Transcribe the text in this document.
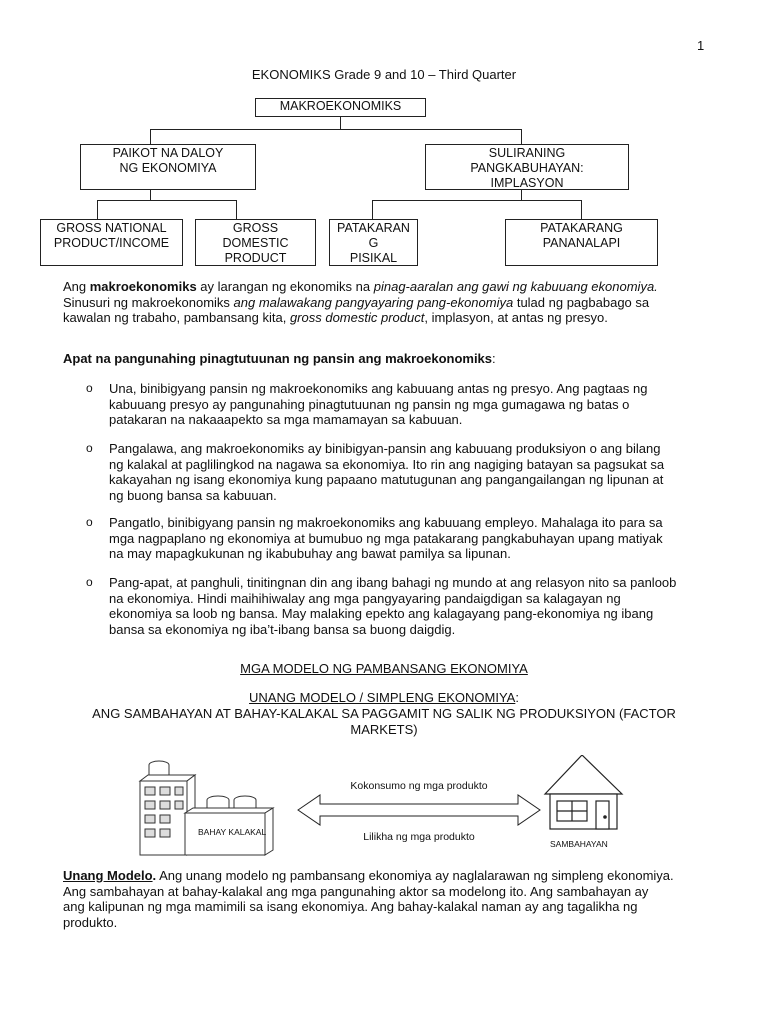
1
EKONOMIKS Grade 9 and 10 – Third Quarter
MAKROEKONOMIKS
PAIKOT NA DALOY
NG EKONOMIYA
SULIRANING
PANGKABUHAYAN:
IMPLASYON
GROSS NATIONAL
PRODUCT/INCOME
GROSS
DOMESTIC
PRODUCT
PATAKARAN
G
PISIKAL
PATAKARANG
PANANALAPI
Ang makroekonomiks ay larangan ng ekonomiks na pinag-aaralan ang gawi ng kabuuang ekonomiya.
Sinusuri ng makroekonomiks ang malawakang pangyayaring pang-ekonomiya tulad ng pagbabago sa
kawalan ng trabaho, pambansang kita, gross domestic product, implasyon, at antas ng presyo.
Apat na pangunahing pinagtutuunan ng pansin ang makroekonomiks:
o Una, binibigyang pansin ng makroekonomiks ang kabuuang antas ng presyo. Ang pagtaas ng
kabuuang presyo ay pangunahing pinagtutuunan ng pansin ng mga gumagawa ng batas o
patakaran na nakaaapekto sa mga mamamayan sa kabuuan.
o Pangalawa, ang makroekonomiks ay binibigyan-pansin ang kabuuang produksiyon o ang bilang
ng kalakal at paglilingkod na nagawa sa ekonomiya. Ito rin ang nagiging batayan sa pagsukat sa
kakayahan ng isang ekonomiya kung papaano matutugunan ang pangangailangan ng lipunan at
ng buong bansa sa kabuuan.
o Pangatlo, binibigyang pansin ng makroekonomiks ang kabuuang empleyo. Mahalaga ito para sa
mga nagpaplano ng ekonomiya at bumubuo ng mga patakarang pangkabuhayan upang matiyak
na may mapagkukunan ng ikabubuhay ang bawat pamilya sa lipunan.
o Pang-apat, at panghuli, tinitingnan din ang ibang bahagi ng mundo at ang relasyon nito sa panloob
na ekonomiya. Hindi maihihiwalay ang mga pangyayaring pandaigdigan sa kalagayan ng
ekonomiya sa loob ng bansa. May malaking epekto ang kalagayang pang-ekonomiya ng ibang
bansa sa ekonomiya ng iba’t-ibang bansa sa buong daigdig.
MGA MODELO NG PAMBANSANG EKONOMIYA
UNANG MODELO / SIMPLENG EKONOMIYA:
ANG SAMBAHAYAN AT BAHAY-KALAKAL SA PAGGAMIT NG SALIK NG PRODUKSIYON (FACTOR
MARKETS)
BAHAY KALAKAL
Kokonsumo ng mga produkto
Lilikha ng mga produkto
SAMBAHAYAN
Unang Modelo. Ang unang modelo ng pambansang ekonomiya ay naglalarawan ng simpleng ekonomiya.
Ang sambahayan at bahay-kalakal ang mga pangunahing aktor sa modelong ito. Ang sambahayan ay
ang kalipunan ng mga mamimili sa isang ekonomiya. Ang bahay-kalakal naman ay ang tagalikha ng
produkto.
